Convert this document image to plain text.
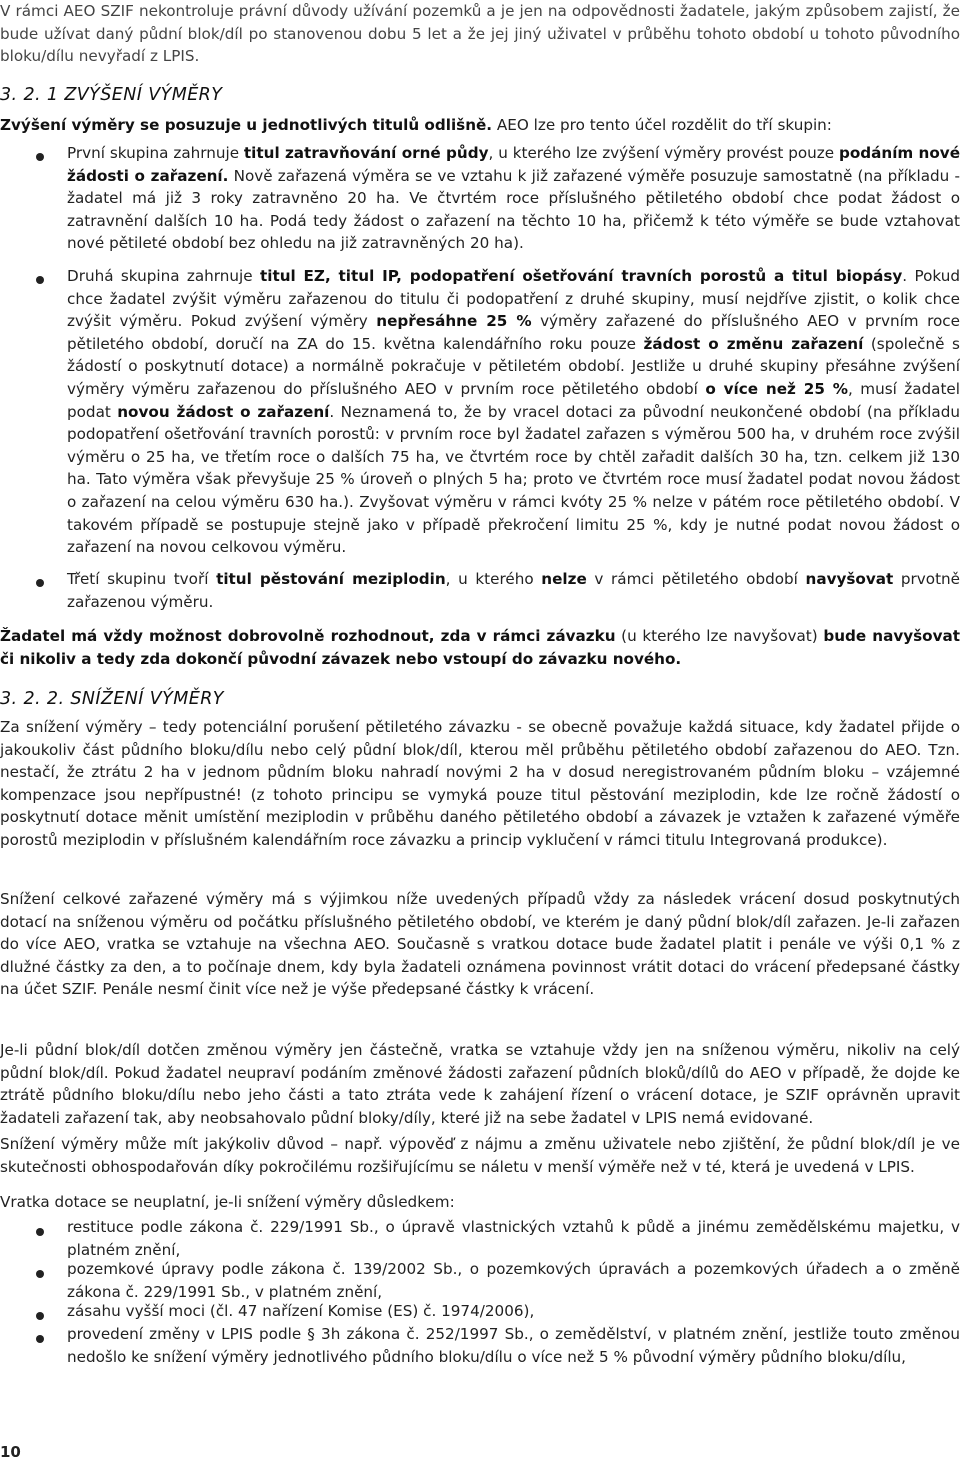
V rámci AEO SZIF nekontroluje právní důvody užívání pozemků a je jen na odpovědnosti žadatele, jakým způsobem zajistí, že bude užívat daný půdní blok/díl po stanovenou dobu 5 let a že jej jiný uživatel v průběhu tohoto období u tohoto původního bloku/dílu nevyřadí z LPIS.

3. 2. 1 ZVÝŠENÍ VÝMĚRY

Zvýšení výměry se posuzuje u jednotlivých titulů odlišně. AEO lze pro tento účel rozdělit do tří skupin:

První skupina zahrnuje titul zatravňování orné půdy, u kterého lze zvýšení výměry provést pouze podáním nové žádosti o zařazení. Nově zařazená výměra se ve vztahu k již zařazené výměře posuzuje samostatně (na příkladu - žadatel má již 3 roky zatravněno 20 ha. Ve čtvrtém roce příslušného pětiletého období chce podat žádost o zatravnění dalších 10 ha. Podá tedy žádost o zařazení na těchto 10 ha, přičemž k této výměře se bude vztahovat nové pětileté období bez ohledu na již zatravněných 20 ha).

Druhá skupina zahrnuje titul EZ, titul IP, podopatření ošetřování travních porostů a titul biopásy. Pokud chce žadatel zvýšit výměru zařazenou do titulu či podopatření z druhé skupiny, musí nejdříve zjistit, o kolik chce zvýšit výměru. Pokud zvýšení výměry nepřesáhne 25 % výměry zařazené do příslušného AEO v prvním roce pětiletého období, doručí na ZA do 15. května kalendářního roku pouze žádost o změnu zařazení (společně s žádostí o poskytnutí dotace) a normálně pokračuje v pětiletém období. Jestliže u druhé skupiny přesáhne zvýšení výměry výměru zařazenou do příslušného AEO v prvním roce pětiletého období o více než 25 %, musí žadatel podat novou žádost o zařazení. Neznamená to, že by vracel dotaci za původní neukončené období (na příkladu podopatření ošetřování travních porostů: v prvním roce byl žadatel zařazen s výměrou 500 ha, v druhém roce zvýšil výměru o 25 ha, ve třetím roce o dalších 75 ha, ve čtvrtém roce by chtěl zařadit dalších 30 ha, tzn. celkem již 130 ha. Tato výměra však převyšuje 25 % úroveň o plných 5 ha; proto ve čtvrtém roce musí žadatel podat novou žádost o zařazení na celou výměru 630 ha.). Zvyšovat výměru v rámci kvóty 25 % nelze v pátém roce pětiletého období. V takovém případě se postupuje stejně jako v případě překročení limitu 25 %, kdy je nutné podat novou žádost o zařazení na novou celkovou výměru.

Třetí skupinu tvoří titul pěstování meziplodin, u kterého nelze v rámci pětiletého období navyšovat prvotně zařazenou výměru.

Žadatel má vždy možnost dobrovolně rozhodnout, zda v rámci závazku (u kterého lze navyšovat) bude navyšovat či nikoliv a tedy zda dokončí původní závazek nebo vstoupí do závazku nového.

3. 2. 2. SNÍŽENÍ VÝMĚRY

Za snížení výměry – tedy potenciální porušení pětiletého závazku - se obecně považuje každá situace, kdy žadatel přijde o jakoukoliv část půdního bloku/dílu nebo celý půdní blok/díl, kterou měl průběhu pětiletého období zařazenou do AEO. Tzn. nestačí, že ztrátu 2 ha v jednom půdním bloku nahradí novými 2 ha v dosud neregistrovaném půdním bloku – vzájemné kompenzace jsou nepřípustné! (z tohoto principu se vymyká pouze titul pěstování meziplodin, kde lze ročně žádostí o poskytnutí dotace měnit umístění meziplodin v průběhu daného pětiletého období a závazek je vztažen k zařazené výměře porostů meziplodin v příslušném kalendářním roce závazku a princip vyklučení v rámci titulu Integrovaná produkce).

Snížení celkové zařazené výměry má s výjimkou níže uvedených případů vždy za následek vrácení dosud poskytnutých dotací na sníženou výměru od počátku příslušného pětiletého období, ve kterém je daný půdní blok/díl zařazen. Je-li zařazen do více AEO, vratka se vztahuje na všechna AEO. Současně s vratkou dotace bude žadatel platit i penále ve výši 0,1 % z dlužné částky za den, a to počínaje dnem, kdy byla žadateli oznámena povinnost vrátit dotaci do vrácení předepsané částky na účet SZIF. Penále nesmí činit více než je výše předepsané částky k vrácení.

Je-li půdní blok/díl dotčen změnou výměry jen částečně, vratka se vztahuje vždy jen na sníženou výměru, nikoliv na celý půdní blok/díl. Pokud žadatel neupraví podáním změnové žádosti zařazení půdních bloků/dílů do AEO v případě, že dojde ke ztrátě půdního bloku/dílu nebo jeho části a tato ztráta vede k zahájení řízení o vrácení dotace, je SZIF oprávněn upravit žadateli zařazení tak, aby neobsahovalo půdní bloky/díly, které již na sebe žadatel v LPIS nemá evidované.

Snížení výměry může mít jakýkoliv důvod – např. výpověď z nájmu a změnu uživatele nebo zjištění, že půdní blok/díl je ve skutečnosti obhospodařován díky pokročilému rozšiřujícímu se náletu v menší výměře než v té, která je uvedená v LPIS.

Vratka dotace se neuplatní, je-li snížení výměry důsledkem:

restituce podle zákona č. 229/1991 Sb., o úpravě vlastnických vztahů k půdě a jinému zemědělskému majetku, v platném znění,

pozemkové úpravy podle zákona č. 139/2002 Sb., o pozemkových úpravách a pozemkových úřadech a o změně zákona č. 229/1991 Sb., v platném znění,

zásahu vyšší moci (čl. 47 nařízení Komise (ES) č. 1974/2006),

provedení změny v LPIS podle § 3h zákona č. 252/1997 Sb., o zemědělství, v platném znění, jestliže touto změnou nedošlo ke snížení výměry jednotlivého půdního bloku/dílu o více než 5 % původní výměry půdního bloku/dílu,

10
